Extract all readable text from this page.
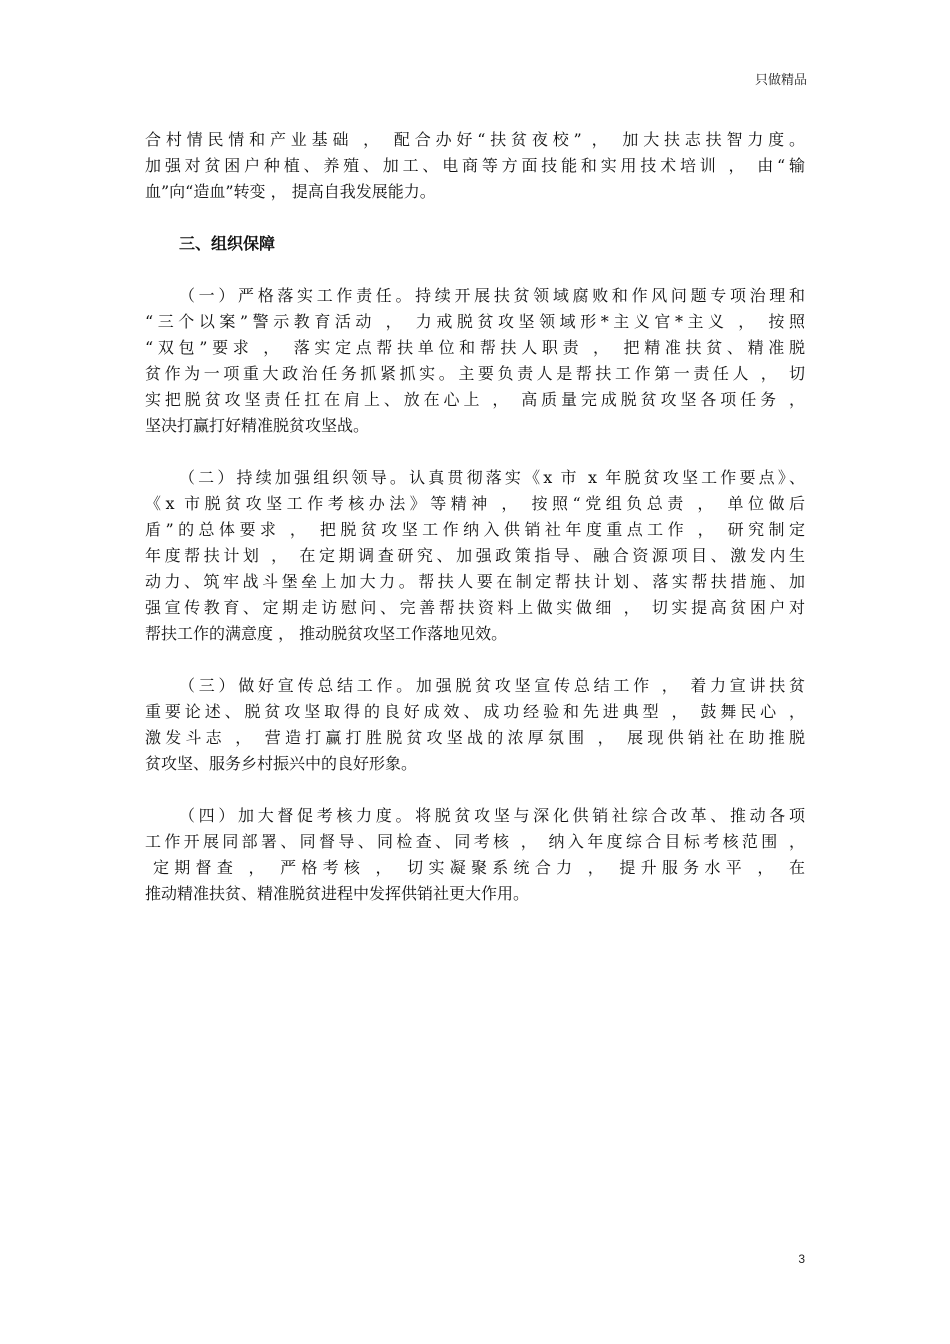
只做精品
合村情民情和产业基础 ， 配合办好“扶贫夜校” ， 加大扶志扶智力度。
加强对贫困户种植、养殖、加工、电商等方面技能和实用技术培训 ， 由“输
血”向“造血”转变 ， 提高自我发展能力。
三、组织保障
（一）严格落实工作责任。持续开展扶贫领域腐败和作风问题专项治理和
“三个以案”警示教育活动 ， 力戒脱贫攻坚领域形*主义官*主义 ， 按照
“双包”要求 ， 落实定点帮扶单位和帮扶人职责 ， 把精准扶贫、精准脱
贫作为一项重大政治任务抓紧抓实。主要负责人是帮扶工作第一责任人 ， 切
实把脱贫攻坚责任扛在肩上、放在心上 ， 高质量完成脱贫攻坚各项任务 ，
坚决打赢打好精准脱贫攻坚战。
（二）持续加强组织领导。认真贯彻落实《x 市 x 年脱贫攻坚工作要点》、
《x 市脱贫攻坚工作考核办法》等精神 ， 按照“党组负总责 ， 单位做后
盾”的总体要求 ， 把脱贫攻坚工作纳入供销社年度重点工作 ， 研究制定
年度帮扶计划 ， 在定期调查研究、加强政策指导、融合资源项目、激发内生
动力、筑牢战斗堡垒上加大力。帮扶人要在制定帮扶计划、落实帮扶措施、加
强宣传教育、定期走访慰问、完善帮扶资料上做实做细 ， 切实提高贫困户对
帮扶工作的满意度 ， 推动脱贫攻坚工作落地见效。
（三）做好宣传总结工作。加强脱贫攻坚宣传总结工作 ， 着力宣讲扶贫
重要论述、脱贫攻坚取得的良好成效、成功经验和先进典型 ， 鼓舞民心 ，
激发斗志 ， 营造打赢打胜脱贫攻坚战的浓厚氛围 ， 展现供销社在助推脱
贫攻坚、服务乡村振兴中的良好形象。
（四）加大督促考核力度。将脱贫攻坚与深化供销社综合改革、推动各项
工作开展同部署、同督导、同检查、同考核 ， 纳入年度综合目标考核范围 ，
定期督查 ， 严格考核 ， 切实凝聚系统合力 ， 提升服务水平 ， 在
推动精准扶贫、精准脱贫进程中发挥供销社更大作用。
3
